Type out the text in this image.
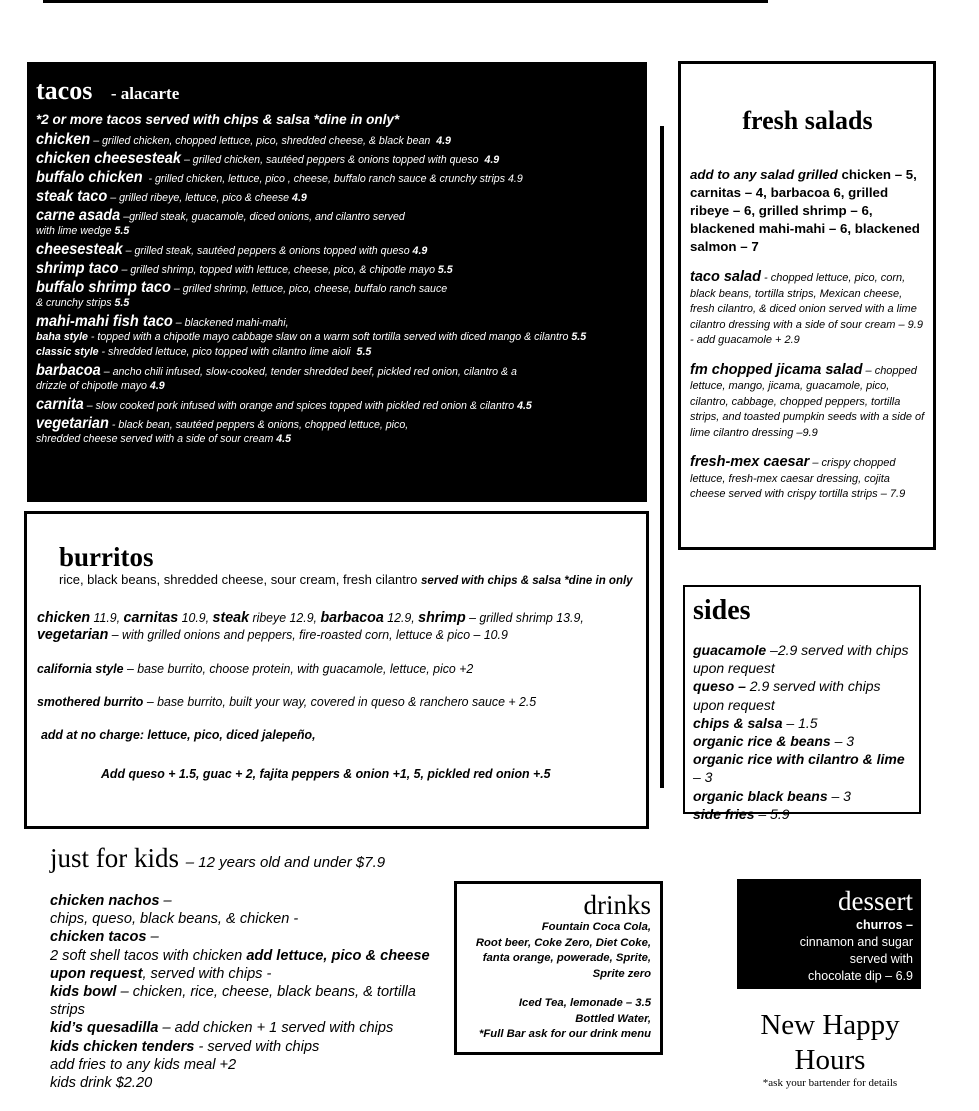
tacos - alacarte
*2 or more tacos served with chips & salsa *dine in only*
chicken – grilled chicken, chopped lettuce, pico, shredded cheese, & black bean 4.9
chicken cheesesteak – grilled chicken, sautéed peppers & onions topped with queso 4.9
buffalo chicken - grilled chicken, lettuce, pico , cheese, buffalo ranch sauce & crunchy strips 4.9
steak taco – grilled ribeye, lettuce, pico & cheese 4.9
carne asada –grilled steak, guacamole, diced onions, and cilantro served
with lime wedge 5.5
cheesesteak – grilled steak, sautéed peppers & onions topped with queso 4.9
shrimp taco – grilled shrimp, topped with lettuce, cheese, pico, & chipotle mayo 5.5
buffalo shrimp taco – grilled shrimp, lettuce, pico, cheese, buffalo ranch sauce
& crunchy strips 5.5
mahi-mahi fish taco – blackened mahi-mahi,
baha style - topped with a chipotle mayo cabbage slaw on a warm soft tortilla served with diced mango & cilantro 5.5
classic style - shredded lettuce, pico topped with cilantro lime aioli 5.5
barbacoa – ancho chili infused, slow-cooked, tender shredded beef, pickled red onion, cilantro & a
drizzle of chipotle mayo 4.9
carnita – slow cooked pork infused with orange and spices topped with pickled red onion & cilantro 4.5
vegetarian - black bean, sautéed peppers & onions, chopped lettuce, pico,
shredded cheese served with a side of sour cream 4.5
fresh salads
add to any salad grilled chicken – 5, carnitas – 4, barbacoa 6, grilled ribeye – 6, grilled shrimp – 6, blackened mahi-mahi – 6, blackened salmon – 7
taco salad - chopped lettuce, pico, corn, black beans, tortilla strips, Mexican cheese, fresh cilantro, & diced onion served with a lime cilantro dressing with a side of sour cream – 9.9 - add guacamole + 2.9
fm chopped jicama salad – chopped lettuce, mango, jicama, guacamole, pico, cilantro, cabbage, chopped peppers, tortilla strips, and toasted pumpkin seeds with a side of lime cilantro dressing –9.9
fresh-mex caesar – crispy chopped lettuce, fresh-mex caesar dressing, cojita cheese served with crispy tortilla strips – 7.9
burritos
rice, black beans, shredded cheese, sour cream, fresh cilantro served with chips & salsa *dine in only
chicken 11.9, carnitas 10.9, steak ribeye 12.9, barbacoa 12.9, shrimp – grilled shrimp 13.9,
vegetarian – with grilled onions and peppers, fire-roasted corn, lettuce & pico – 10.9
california style – base burrito, choose protein, with guacamole, lettuce, pico +2
smothered burrito – base burrito, built your way, covered in queso & ranchero sauce + 2.5
add at no charge: lettuce, pico, diced jalepeño,
Add queso + 1.5, guac + 2, fajita peppers & onion +1, 5, pickled red onion +.5
sides
guacamole –2.9 served with chips upon request
queso – 2.9 served with chips upon request
chips & salsa – 1.5
organic rice & beans – 3
organic rice with cilantro & lime – 3
organic black beans – 3
side fries – 5.9
just for kids – 12 years old and under $7.9
chicken nachos –
chips, queso, black beans, & chicken -
chicken tacos –
2 soft shell tacos with chicken add lettuce, pico & cheese upon request, served with chips -
kids bowl – chicken, rice, cheese, black beans, & tortilla strips
kid’s quesadilla – add chicken + 1 served with chips
kids chicken tenders - served with chips
add fries to any kids meal +2
kids drink $2.20
drinks
Fountain Coca Cola,
Root beer, Coke Zero, Diet Coke,
fanta orange, powerade, Sprite,
Sprite zero
Iced Tea, lemonade – 3.5
Bottled Water,
*Full Bar ask for our drink menu
dessert
churros –
cinnamon and sugar
served with
chocolate dip – 6.9
New Happy
Hours
*ask your bartender for details
